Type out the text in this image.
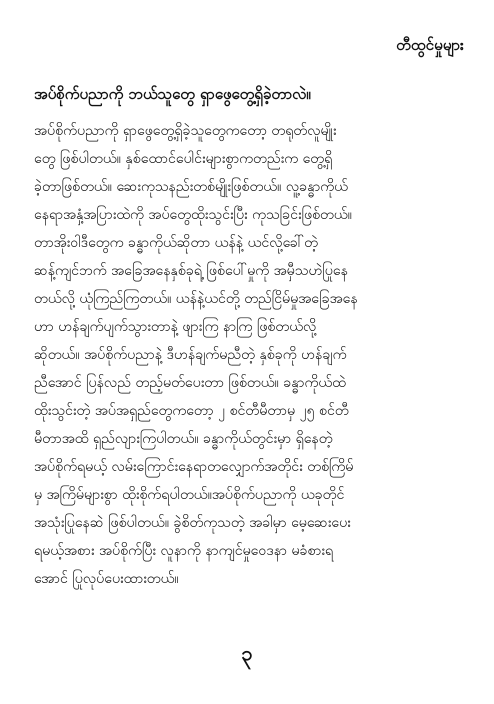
တီထွင်မှုများ
အပ်စိုက်ပညာကို ဘယ်သူတွေ ရှာဖွေတွေ့ရှိခဲ့တာလဲ။
အပ်စိုက်ပညာကို ရှာဖွေတွေ့ရှိခဲ့သူတွေကတော့ တရုတ်လူမျိုး
တွေ ဖြစ်ပါတယ်။ နှစ်ထောင်ပေါင်းများစွာကတည်းက တွေ့ရှိ
ခဲ့တာဖြစ်တယ်။ ဆေးကုသနည်းတစ်မျိုးဖြစ်တယ်။ လူ့ခန္ဓာကိုယ်
နေရာအနှံ့အပြားထဲကို အပ်တွေထိုးသွင်းပြီး ကုသခြင်းဖြစ်တယ်။
တာအိုးဝါဒီတွေက ခန္ဓာကိုယ်ဆိုတာ ယန်နဲ့ ယင်လို့ခေါ်တဲ့
ဆန့်ကျင်ဘက် အခြေအနေနှစ်ခုရဲ့ ဖြစ်ပေါ်မှုကို အမှီသဟဲပြုနေ
တယ်လို့ ယုံကြည်ကြတယ်။ ယန်နဲ့ယင်တို့ တည်ငြိမ်မှုအခြေအနေ
ဟာ ဟန်ချက်ပျက်သွားတာနဲ့ ဖျားကြ နာကြ ဖြစ်တယ်လို့
ဆိုတယ်။ အပ်စိုက်ပညာနဲ့ ဒီဟန်ချက်မညီတဲ့ နှစ်ခုကို ဟန်ချက်
ညီအောင် ပြန်လည် တည့်မတ်ပေးတာ ဖြစ်တယ်။ ခန္ဓာကိုယ်ထဲ
ထိုးသွင်းတဲ့ အပ်အရှည်တွေကတော့ ၂ စင်တီမီတာမှ ၂၅ စင်တီ
မီတာအထိ ရှည်လျားကြပါတယ်။ ခန္ဓာကိုယ်တွင်းမှာ ရှိနေတဲ့
အပ်စိုက်ရမယ့် လမ်းကြောင်းနေရာတလျှောက်အတိုင်း တစ်ကြိမ်
မှ အကြိမ်များစွာ ထိုးစိုက်ရပါတယ်။အပ်စိုက်ပညာကို ယခုတိုင်
အသုံးပြုနေဆဲ ဖြစ်ပါတယ်။ ခွဲစိတ်ကုသတဲ့ အခါမှာ မေ့ဆေးပေး
ရမယ့်အစား အပ်စိုက်ပြီး လူနာကို နာကျင်မှုဝေဒနာ မခံစားရ
အောင် ပြုလုပ်ပေးထားတယ်။
၃
